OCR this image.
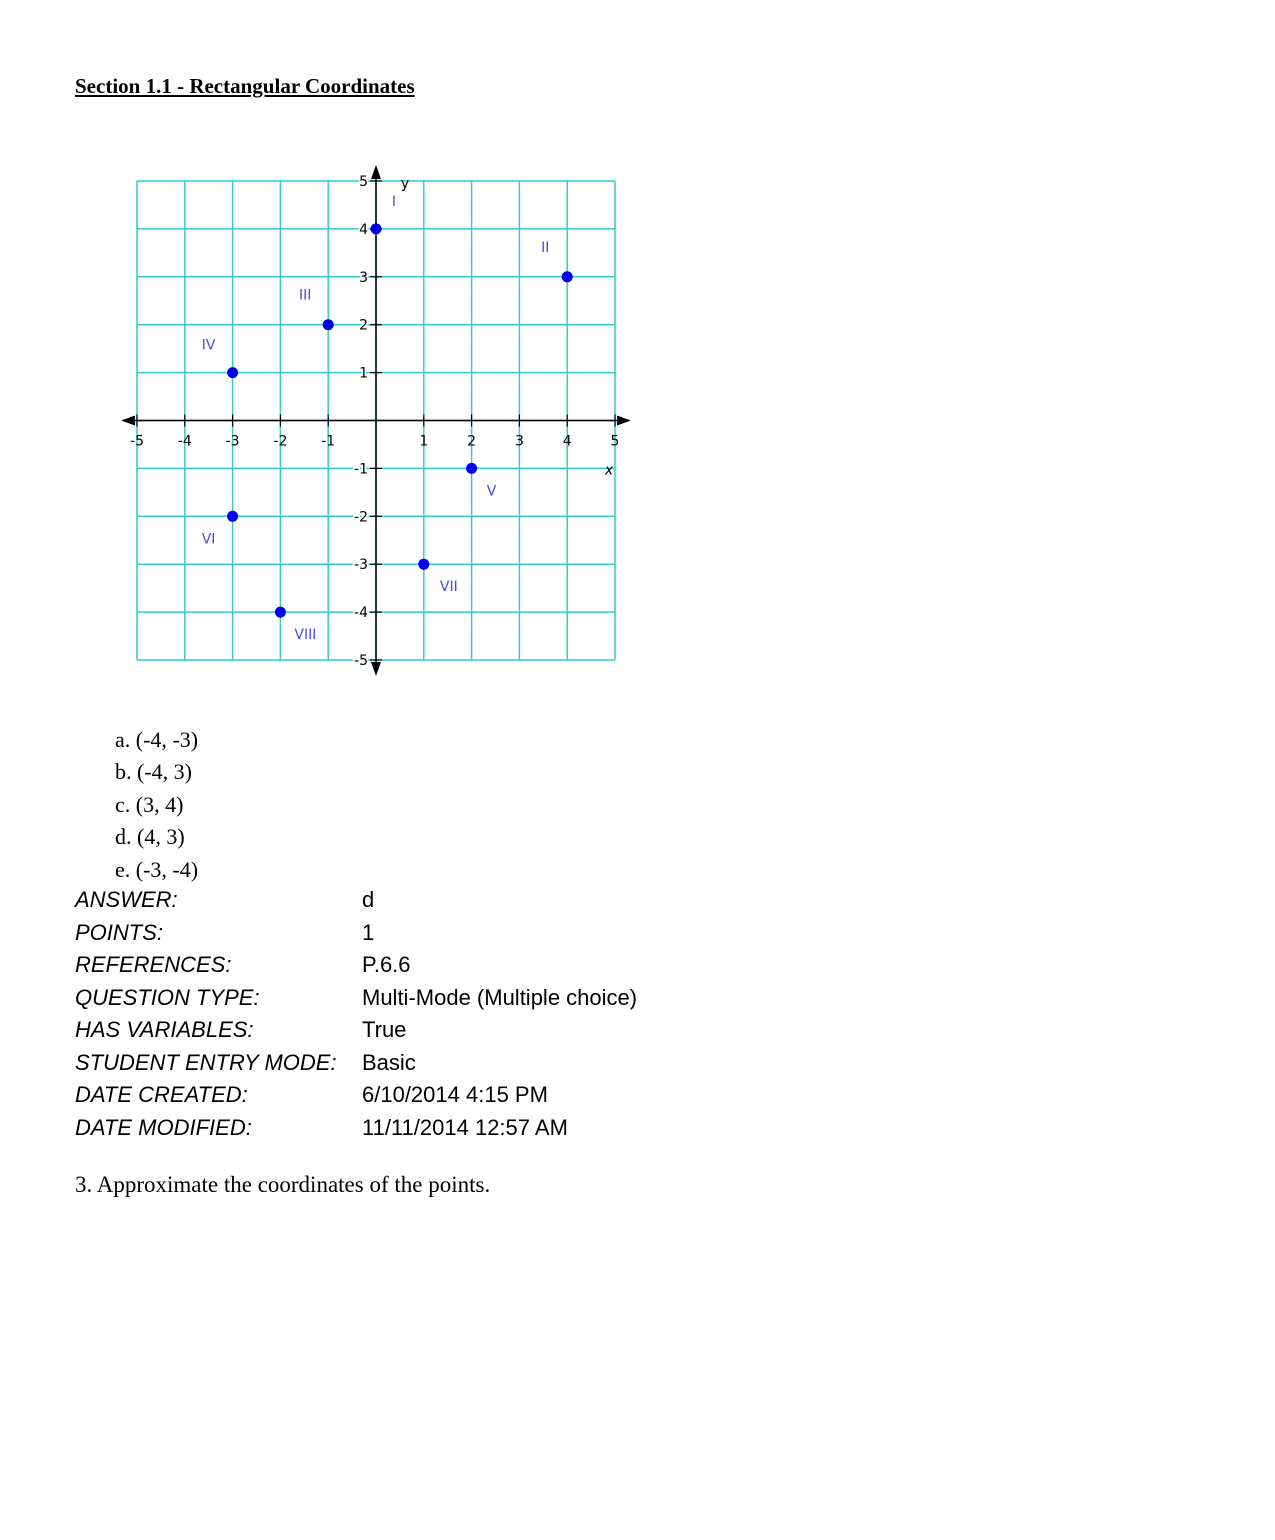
Section 1.1 - Rectangular Coordinates
-5 -4 -3 -2 -1	1	2	3	4	5
5
4
3
2
1
-1
-2
-3
-4
-5
x
y
I
II
III
IV
V
VI
VII
VIII
a. (-4, -3)
b. (-4, 3)
c. (3, 4)
d. (4, 3)
e. (-3, -4)
ANSWER:	d
POINTS:	1
REFERENCES:	P.6.6
QUESTION TYPE:	Multi-Mode (Multiple choice)
HAS VARIABLES:	True
STUDENT ENTRY MODE:	Basic
DATE CREATED:	6/10/2014 4:15 PM
DATE MODIFIED:	11/11/2014 12:57 AM

3. Approximate the coordinates of the points.
